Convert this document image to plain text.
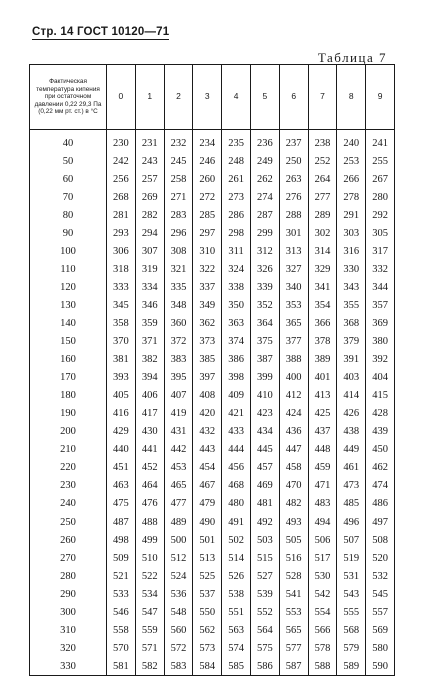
Стр. 14 ГОСТ 10120—71
Таблица 7
Фактическая температура кипения при остаточном давлении 0,22 29,3 Па (0,22 мм рт. ст.) в °С	0	1	2	3	4	5	6	7	8	9
40	230	231	232	234	235	236	237	238	240	241
50	242	243	245	246	248	249	250	252	253	255
60	256	257	258	260	261	262	263	264	266	267
70	268	269	271	272	273	274	276	277	278	280
80	281	282	283	285	286	287	288	289	291	292
90	293	294	296	297	298	299	301	302	303	305
100	306	307	308	310	311	312	313	314	316	317
110	318	319	321	322	324	326	327	329	330	332
120	333	334	335	337	338	339	340	341	343	344
130	345	346	348	349	350	352	353	354	355	357
140	358	359	360	362	363	364	365	366	368	369
150	370	371	372	373	374	375	377	378	379	380
160	381	382	383	385	386	387	388	389	391	392
170	393	394	395	397	398	399	400	401	403	404
180	405	406	407	408	409	410	412	413	414	415
190	416	417	419	420	421	423	424	425	426	428
200	429	430	431	432	433	434	436	437	438	439
210	440	441	442	443	444	445	447	448	449	450
220	451	452	453	454	456	457	458	459	461	462
230	463	464	465	467	468	469	470	471	473	474
240	475	476	477	479	480	481	482	483	485	486
250	487	488	489	490	491	492	493	494	496	497
260	498	499	500	501	502	503	505	506	507	508
270	509	510	512	513	514	515	516	517	519	520
280	521	522	524	525	526	527	528	530	531	532
290	533	534	536	537	538	539	541	542	543	545
300	546	547	548	550	551	552	553	554	555	557
310	558	559	560	562	563	564	565	566	568	569
320	570	571	572	573	574	575	577	578	579	580
330	581	582	583	584	585	586	587	588	589	590
